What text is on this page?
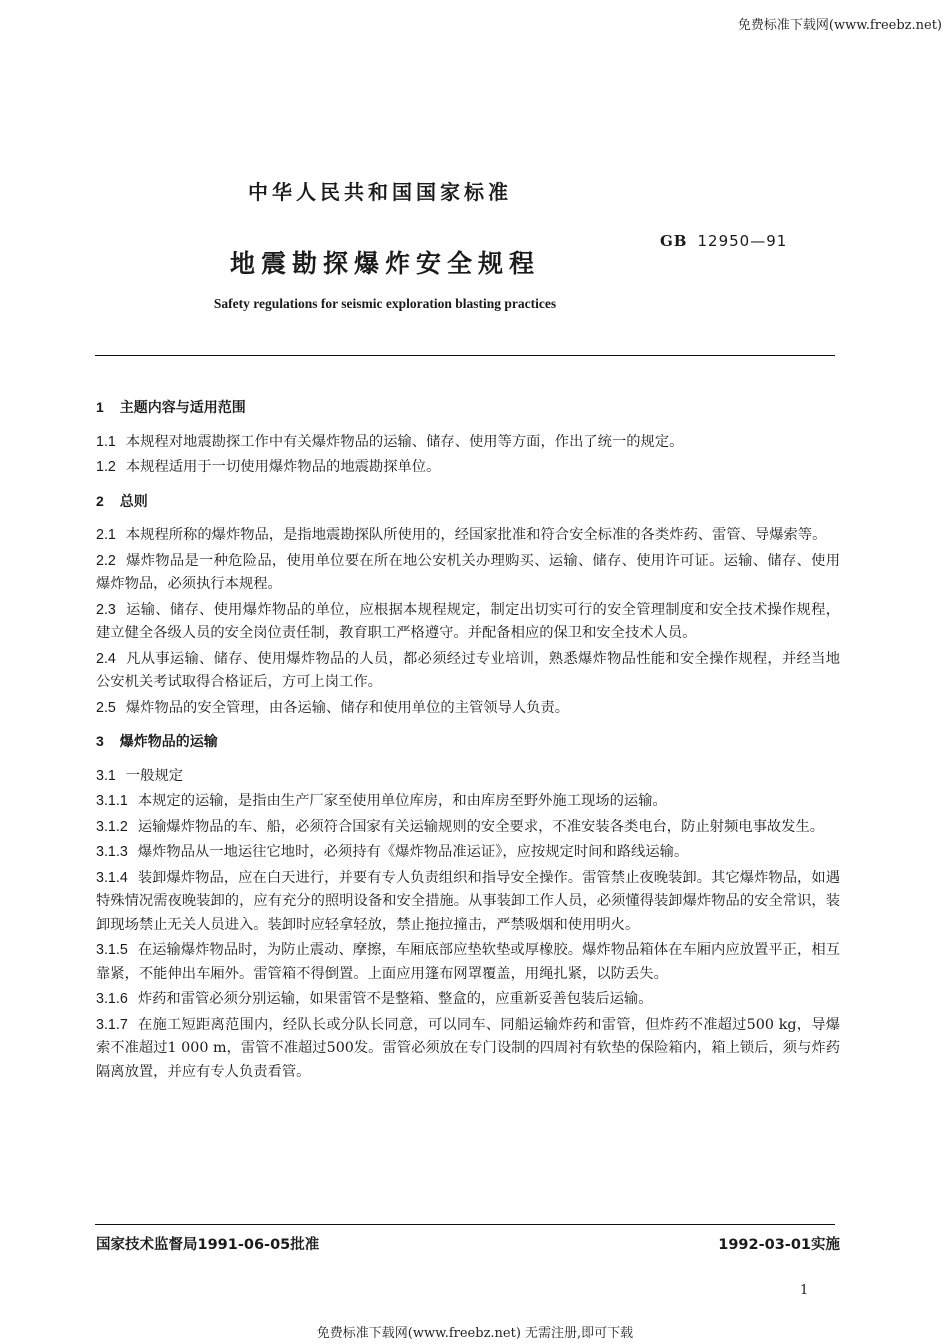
免费标准下载网(www.freebz.net)
中华人民共和国国家标准
GB 12950—91
地震勘探爆炸安全规程
Safety regulations for seismic exploration blasting practices

1 主题内容与适用范围

1.1 本规程对地震勘探工作中有关爆炸物品的运输、储存、使用等方面，作出了统一的规定。

1.2 本规程适用于一切使用爆炸物品的地震勘探单位。

2 总则

2.1 本规程所称的爆炸物品，是指地震勘探队所使用的，经国家批准和符合安全标准的各类炸药、雷管、导爆索等。

2.2 爆炸物品是一种危险品，使用单位要在所在地公安机关办理购买、运输、储存、使用许可证。运输、储存、使用爆炸物品，必须执行本规程。

2.3 运输、储存、使用爆炸物品的单位，应根据本规程规定，制定出切实可行的安全管理制度和安全技术操作规程，建立健全各级人员的安全岗位责任制，教育职工严格遵守。并配备相应的保卫和安全技术人员。

2.4 凡从事运输、储存、使用爆炸物品的人员，都必须经过专业培训，熟悉爆炸物品性能和安全操作规程，并经当地公安机关考试取得合格证后，方可上岗工作。

2.5 爆炸物品的安全管理，由各运输、储存和使用单位的主管领导人负责。

3 爆炸物品的运输

3.1 一般规定

3.1.1 本规定的运输，是指由生产厂家至使用单位库房，和由库房至野外施工现场的运输。

3.1.2 运输爆炸物品的车、船，必须符合国家有关运输规则的安全要求，不准安装各类电台，防止射频电事故发生。

3.1.3 爆炸物品从一地运往它地时，必须持有《爆炸物品准运证》，应按规定时间和路线运输。

3.1.4 装卸爆炸物品，应在白天进行，并要有专人负责组织和指导安全操作。雷管禁止夜晚装卸。其它爆炸物品，如遇特殊情况需夜晚装卸的，应有充分的照明设备和安全措施。从事装卸工作人员，必须懂得装卸爆炸物品的安全常识，装卸现场禁止无关人员进入。装卸时应轻拿轻放，禁止拖拉撞击，严禁吸烟和使用明火。

3.1.5 在运输爆炸物品时，为防止震动、摩擦，车厢底部应垫软垫或厚橡胶。爆炸物品箱体在车厢内应放置平正，相互靠紧，不能伸出车厢外。雷管箱不得倒置。上面应用篷布网罩覆盖，用绳扎紧，以防丢失。

3.1.6 炸药和雷管必须分别运输，如果雷管不是整箱、整盒的，应重新妥善包装后运输。

3.1.7 在施工短距离范围内，经队长或分队长同意，可以同车、同船运输炸药和雷管，但炸药不准超过500 kg，导爆索不准超过1 000 m，雷管不准超过500发。雷管必须放在专门设制的四周衬有软垫的保险箱内，箱上锁后，须与炸药隔离放置，并应有专人负责看管。

国家技术监督局1991-06-05批准	1992-03-01实施
1
免费标准下载网(www.freebz.net) 无需注册,即可下载
